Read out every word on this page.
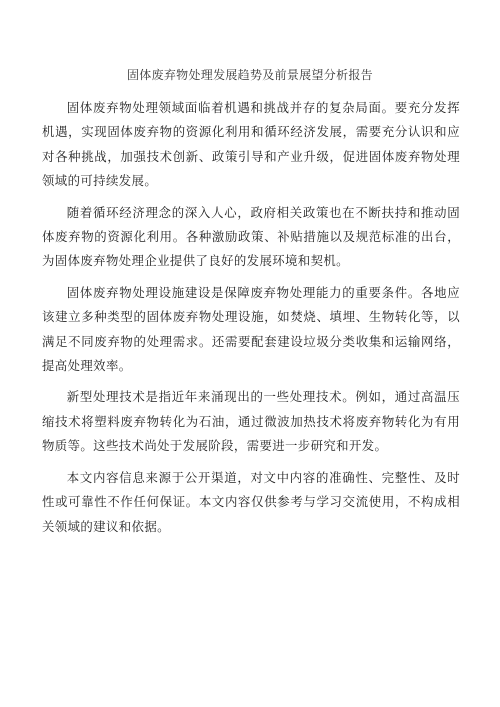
固体废弃物处理发展趋势及前景展望分析报告

固体废弃物处理领域面临着机遇和挑战并存的复杂局面。要充分发挥机遇，实现固体废弃物的资源化利用和循环经济发展，需要充分认识和应对各种挑战，加强技术创新、政策引导和产业升级，促进固体废弃物处理领域的可持续发展。

随着循环经济理念的深入人心，政府相关政策也在不断扶持和推动固体废弃物的资源化利用。各种激励政策、补贴措施以及规范标准的出台，为固体废弃物处理企业提供了良好的发展环境和契机。

固体废弃物处理设施建设是保障废弃物处理能力的重要条件。各地应该建立多种类型的固体废弃物处理设施，如焚烧、填埋、生物转化等，以满足不同废弃物的处理需求。还需要配套建设垃圾分类收集和运输网络，提高处理效率。

新型处理技术是指近年来涌现出的一些处理技术。例如，通过高温压缩技术将塑料废弃物转化为石油，通过微波加热技术将废弃物转化为有用物质等。这些技术尚处于发展阶段，需要进一步研究和开发。

本文内容信息来源于公开渠道，对文中内容的准确性、完整性、及时性或可靠性不作任何保证。本文内容仅供参考与学习交流使用，不构成相关领域的建议和依据。
